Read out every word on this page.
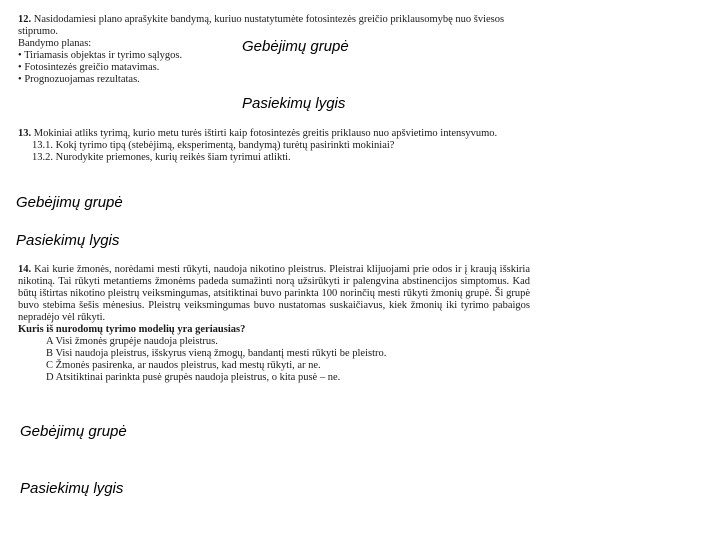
12. Nasidodamiesi plano aprašykite bandymą, kuriuo nustatytumėte fotosintezės greičio priklausomybę nuo šviesos stiprumo.

Bandymo planas:

• Tiriamasis objektas ir tyrimo sąlygos.

• Fotosintezės greičio matavimas.

• Prognozuojamas rezultatas.

Gebėjimų grupė
Pasiekimų lygis

13. Mokiniai atliks tyrimą, kurio metu turės ištirti kaip fotosintezės greitis priklauso nuo apšvietimo intensyvumo.

13.1. Kokį tyrimo tipą (stebėjimą, eksperimentą, bandymą) turėtų pasirinkti mokiniai?

13.2. Nurodykite priemones, kurių reikės šiam tyrimui atlikti.

Gebėjimų grupė
Pasiekimų lygis

14. Kai kurie žmonės, norėdami mesti rūkyti, naudoja nikotino pleistrus. Pleistrai klijuojami prie odos ir į kraują išskiria nikotiną. Tai rūkyti metantiems žmonėms padeda sumažinti norą užsirūkyti ir palengvina abstinencijos simptomus. Kad būtų ištirtas nikotino pleistrų veiksmingumas, atsitiktinai buvo parinkta 100 norinčių mesti rūkyti žmonių grupė. Ši grupė buvo stebima šešis mėnesius. Pleistrų veiksmingumas buvo nustatomas suskaičiavus, kiek žmonių iki tyrimo pabaigos nepradėjo vėl rūkyti.

Kuris iš nurodomų tyrimo modelių yra geriausias?

A Visi žmonės grupėje naudoja pleistrus.

B Visi naudoja pleistrus, išskyrus vieną žmogų, bandantį mesti rūkyti be pleistro.

C Žmonės pasirenka, ar naudos pleistrus, kad mestų rūkyti, ar ne.

D Atsitiktinai parinkta pusė grupės naudoja pleistrus, o kita pusė – ne.

Gebėjimų grupė
Pasiekimų lygis
